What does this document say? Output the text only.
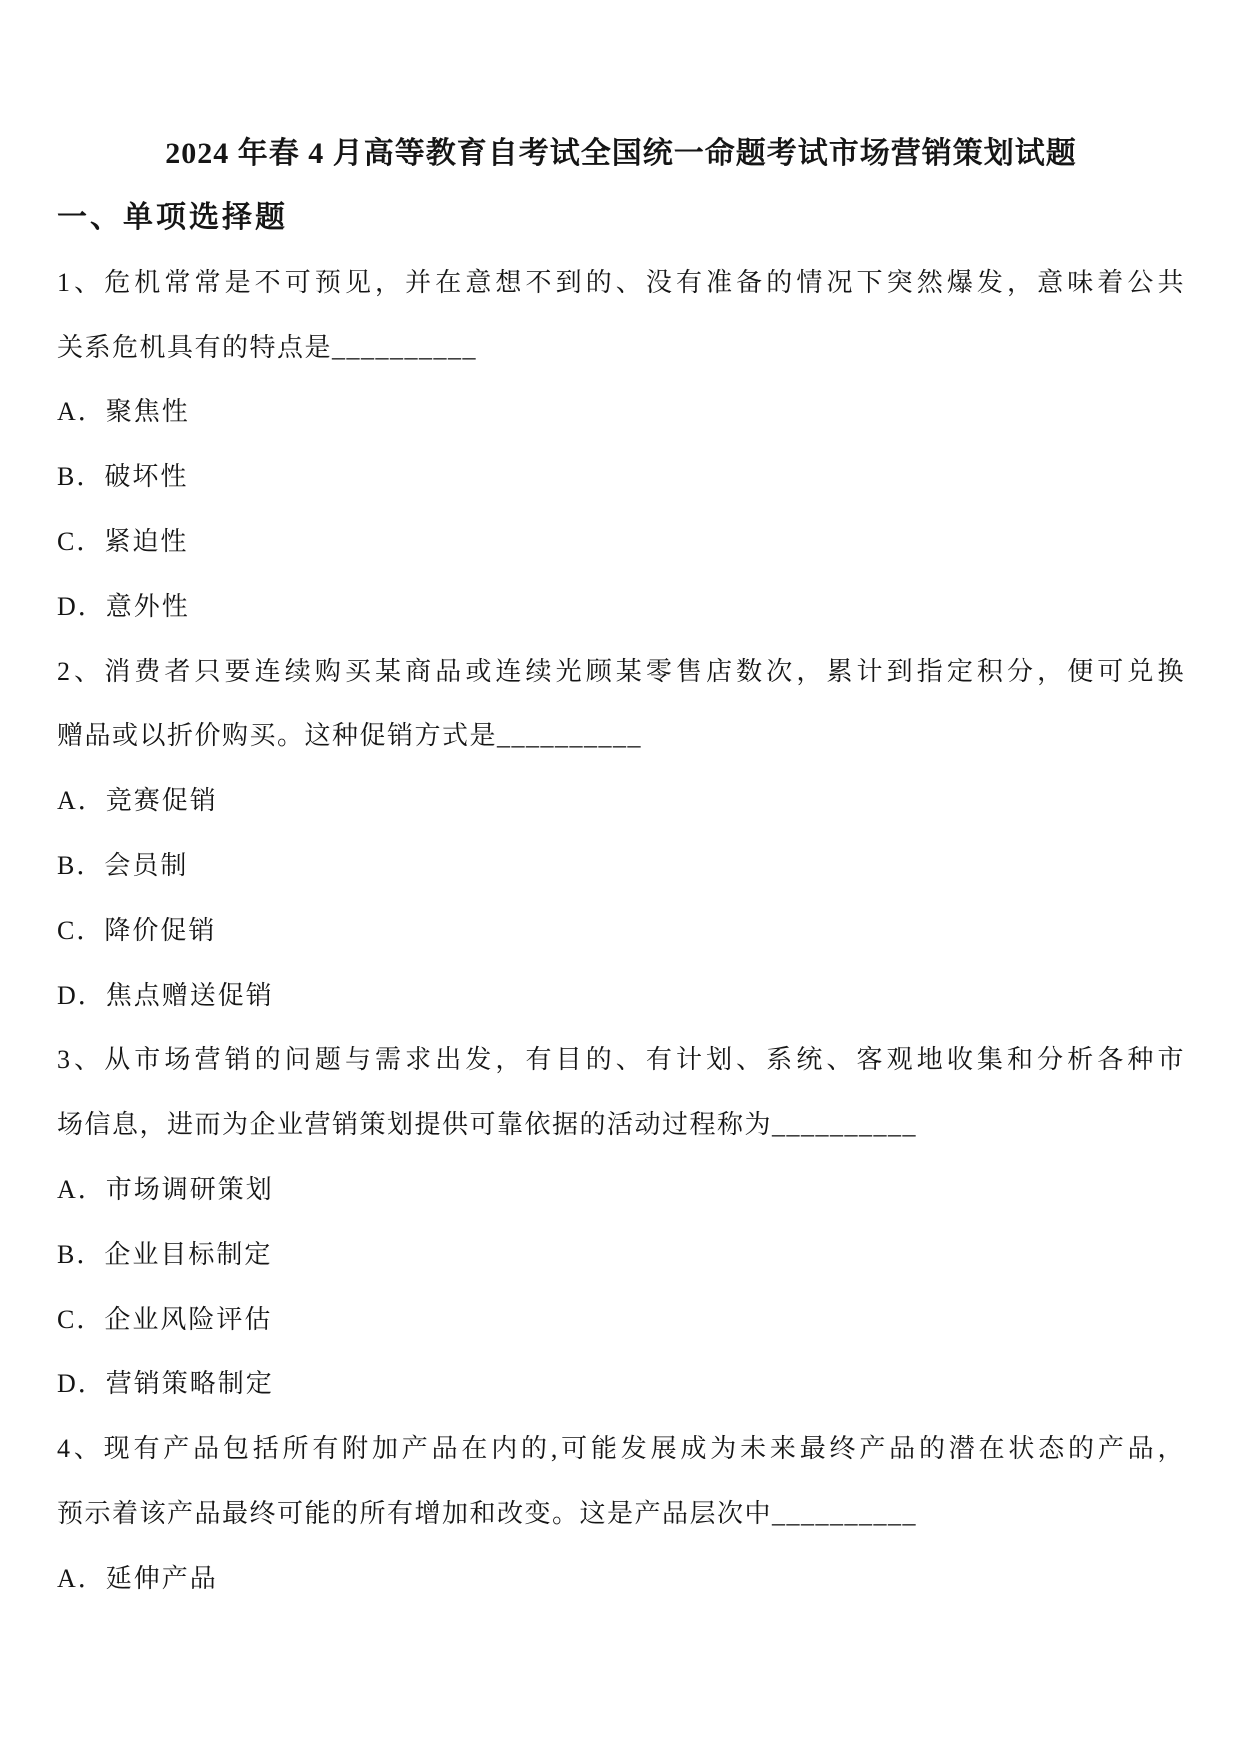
2024 年春 4 月高等教育自考试全国统一命题考试市场营销策划试题
一、单项选择题

1、危机常常是不可预见，并在意想不到的、没有准备的情况下突然爆发，意味着公共

关系危机具有的特点是__________

A．聚焦性

B．破坏性

C．紧迫性

D．意外性

2、消费者只要连续购买某商品或连续光顾某零售店数次，累计到指定积分，便可兑换

赠品或以折价购买。这种促销方式是__________

A．竞赛促销

B．会员制

C．降价促销

D．焦点赠送促销

3、从市场营销的问题与需求出发，有目的、有计划、系统、客观地收集和分析各种市

场信息，进而为企业营销策划提供可靠依据的活动过程称为__________

A．市场调研策划

B．企业目标制定

C．企业风险评估

D．营销策略制定

4、现有产品包括所有附加产品在内的,可能发展成为未来最终产品的潜在状态的产品，

预示着该产品最终可能的所有增加和改变。这是产品层次中__________

A．延伸产品
